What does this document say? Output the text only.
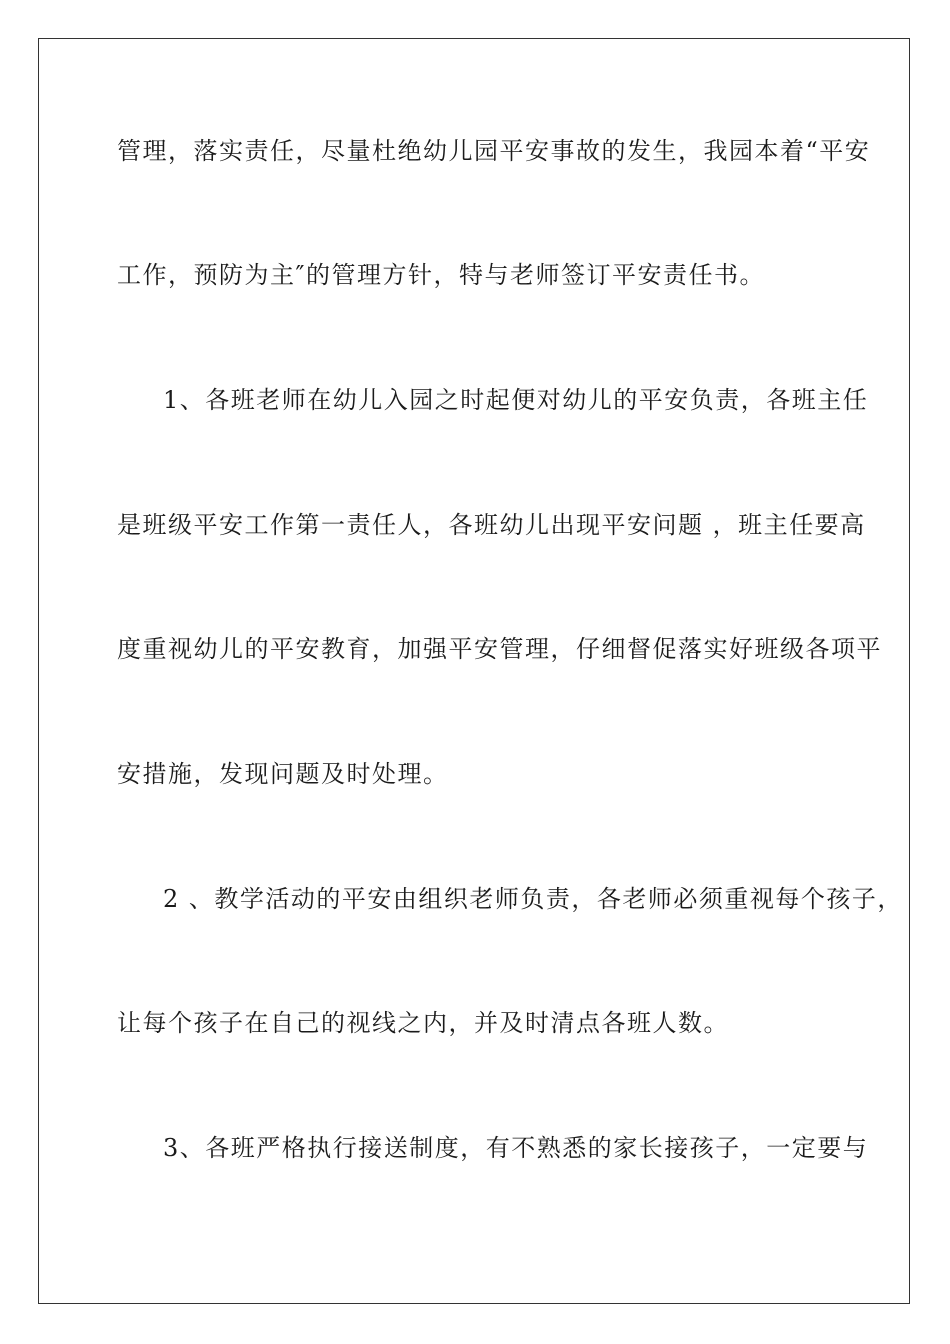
管理，落实责任，尽量杜绝幼儿园平安事故的发生，我园本着“平安
工作，预防为主″的管理方针，特与老师签订平安责任书。
1、各班老师在幼儿入园之时起便对幼儿的平安负责，各班主任
是班级平安工作第一责任人，各班幼儿出现平安问题 ，班主任要高
度重视幼儿的平安教育，加强平安管理，仔细督促落实好班级各项平
安措施，发现问题及时处理。
2 、教学活动的平安由组织老师负责，各老师必须重视每个孩子，
让每个孩子在自己的视线之内，并及时清点各班人数。
3、各班严格执行接送制度，有不熟悉的家长接孩子，一定要与
